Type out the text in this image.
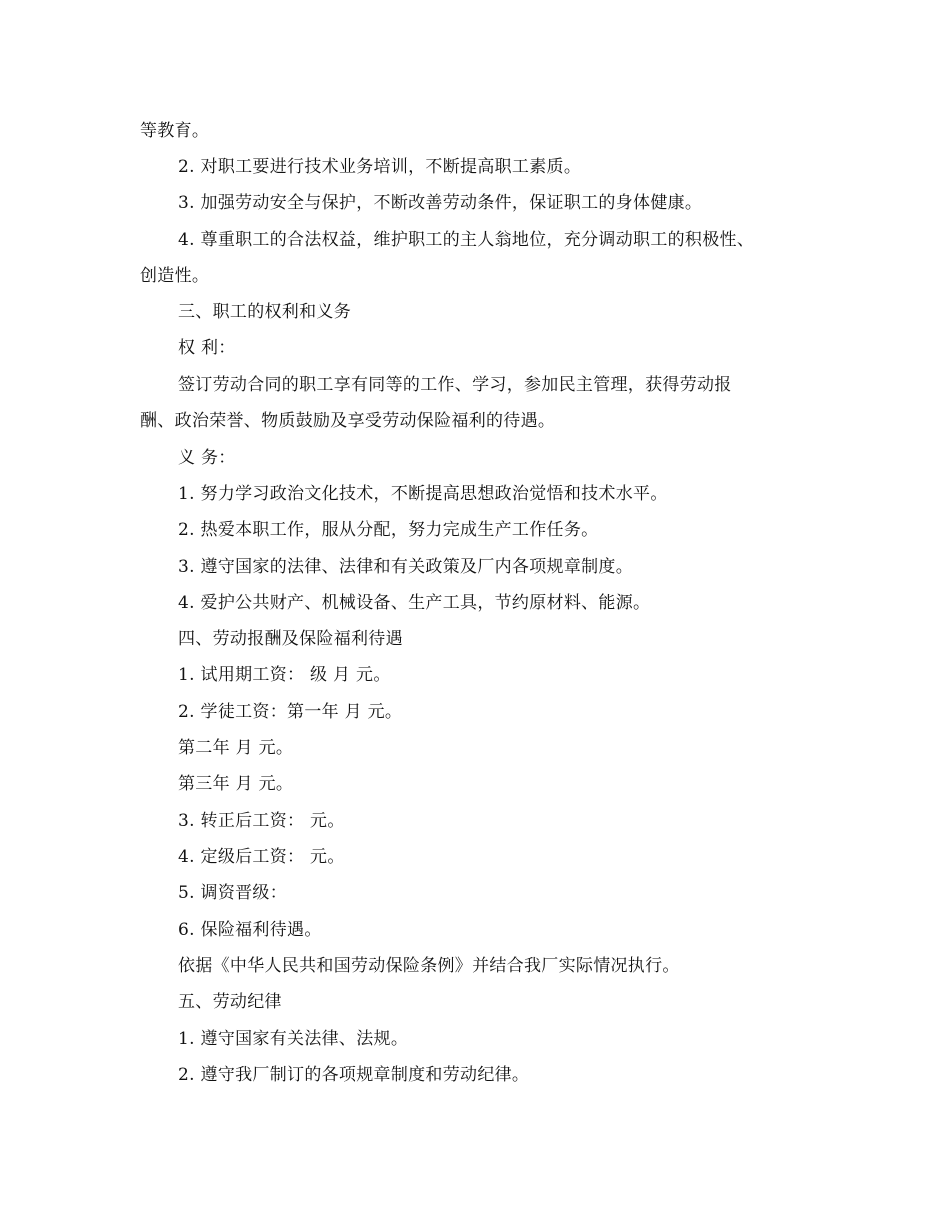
等教育。
2. 对职工要进行技术业务培训，不断提高职工素质。
3. 加强劳动安全与保护，不断改善劳动条件，保证职工的身体健康。
4. 尊重职工的合法权益，维护职工的主人翁地位，充分调动职工的积极性、
创造性。
三、职工的权利和义务
权 利：
签订劳动合同的职工享有同等的工作、学习，参加民主管理，获得劳动报
酬、政治荣誉、物质鼓励及享受劳动保险福利的待遇。
义 务：
1. 努力学习政治文化技术，不断提高思想政治觉悟和技术水平。
2. 热爱本职工作，服从分配，努力完成生产工作任务。
3. 遵守国家的法律、法律和有关政策及厂内各项规章制度。
4. 爱护公共财产、机械设备、生产工具，节约原材料、能源。
四、劳动报酬及保险福利待遇
1. 试用期工资： 级 月 元。
2. 学徒工资：第一年 月 元。
第二年 月 元。
第三年 月 元。
3. 转正后工资： 元。
4. 定级后工资： 元。
5. 调资晋级：
6. 保险福利待遇。
依据《中华人民共和国劳动保险条例》并结合我厂实际情况执行。
五、劳动纪律
1. 遵守国家有关法律、法规。
2. 遵守我厂制订的各项规章制度和劳动纪律。
